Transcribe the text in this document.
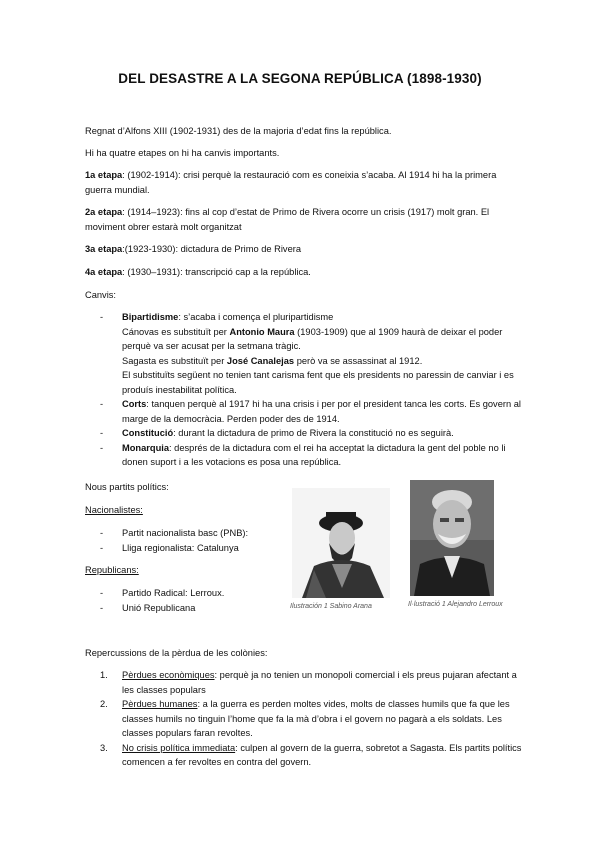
DEL DESASTRE A LA SEGONA REPÚBLICA (1898-1930)
Regnat d’Alfons XIII (1902-1931) des de la majoria d’edat fins la república.
Hi ha quatre etapes on hi ha canvis importants.
1a etapa: (1902-1914): crisi perquè la restauració com es coneixia s’acaba. Al 1914 hi ha la primera guerra mundial.
2a etapa: (1914–1923): fins al cop d’estat de Primo de Rivera ocorre un crisis (1917) molt gran. El moviment obrer estarà molt organitzat
3a etapa:(1923-1930): dictadura de Primo de Rivera
4a etapa: (1930–1931): transcripció cap a la república.
Canvis:
- Bipartidisme: s’acaba i comença el pluripartidisme
Cánovas es substituït per Antonio Maura (1903-1909) que al 1909 haurà de deixar el poder perquè va ser acusat per la setmana tràgic.
Sagasta es substituït per José Canalejas però va se assassinat al 1912.
El substituïts següent no tenien tant carisma fent que els presidents no paressin de canviar i es produís inestabilitat política.
- Corts: tanquen perquè al 1917 hi ha una crisis i per por el president tanca les corts. Es govern al marge de la democràcia. Perden poder des de 1914.
- Constitució: durant la dictadura de primo de Rivera la constitució no es seguirà.
- Monarquia: després de la dictadura com el rei ha acceptat la dictadura la gent del poble no li donen suport i a les votacions es posa una república.
Nous partits polítics:
Nacionalistes:
- Partit nacionalista basc (PNB):
- Lliga regionalista: Catalunya
Republicans:
- Partido Radical: Lerroux.
- Unió Republicana	Ilustración 1 Sabino Arana	Il·lustració 1 Alejandro Lerroux
Repercussions de la pèrdua de les colònies:
1. Pèrdues econòmiques: perquè ja no tenien un monopoli comercial i els preus pujaran afectant a les classes populars
2. Pèrdues humanes: a la guerra es perden moltes vides, molts de classes humils que fa que les classes humils no tinguin l’home que fa la mà d’obra i el govern no pagarà a els soldats. Les classes populars faran revoltes.
3. No crisis política immediata: culpen al govern de la guerra, sobretot a Sagasta. Els partits polítics comencen a fer revoltes en contra del govern.
